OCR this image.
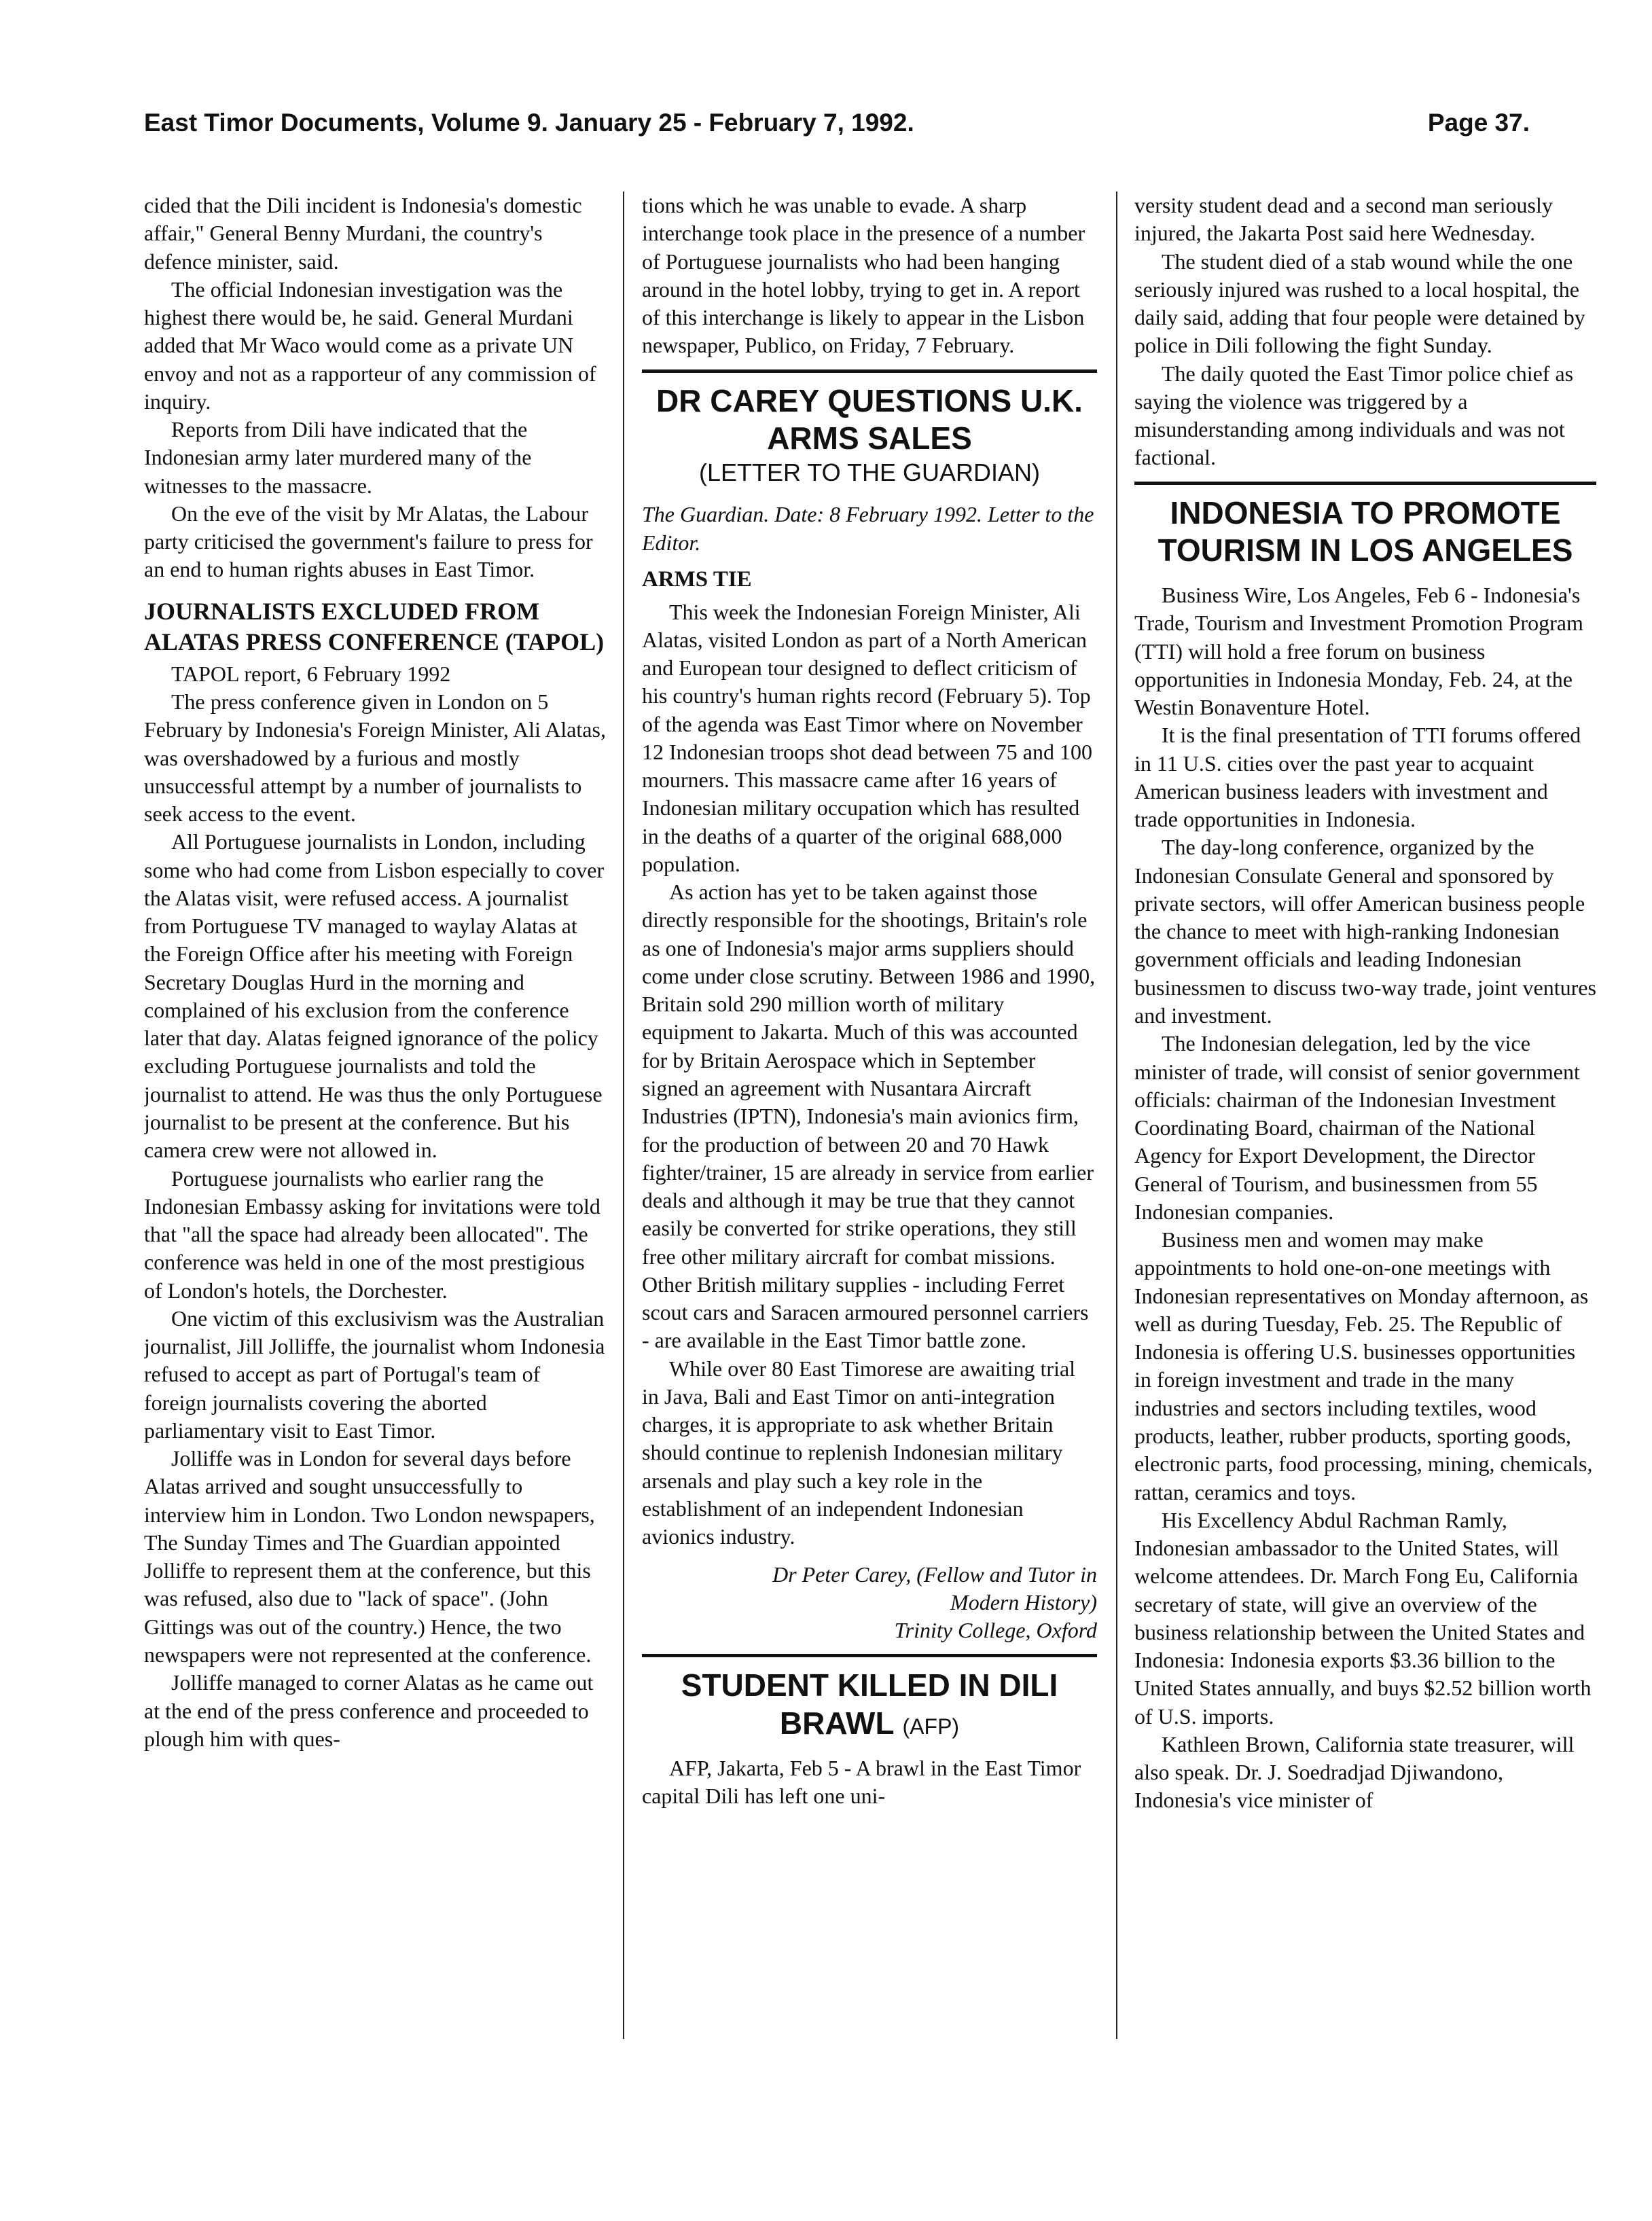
East Timor Documents, Volume 9. January 25 - February 7, 1992.	Page 37.

cided that the Dili incident is Indonesia's domestic affair," General Benny Murdani, the country's defence minister, said.

The official Indonesian investigation was the highest there would be, he said. General Murdani added that Mr Waco would come as a private UN envoy and not as a rapporteur of any commission of inquiry.

Reports from Dili have indicated that the Indonesian army later murdered many of the witnesses to the massacre.

On the eve of the visit by Mr Alatas, the Labour party criticised the government's failure to press for an end to human rights abuses in East Timor.

JOURNALISTS EXCLUDED FROM ALATAS PRESS CONFERENCE (TAPOL)

TAPOL report, 6 February 1992

The press conference given in London on 5 February by Indonesia's Foreign Minister, Ali Alatas, was overshadowed by a furious and mostly unsuccessful attempt by a number of journalists to seek access to the event.

All Portuguese journalists in London, including some who had come from Lisbon especially to cover the Alatas visit, were refused access. A journalist from Portuguese TV managed to waylay Alatas at the Foreign Office after his meeting with Foreign Secretary Douglas Hurd in the morning and complained of his exclusion from the conference later that day. Alatas feigned ignorance of the policy excluding Portuguese journalists and told the journalist to attend. He was thus the only Portuguese journalist to be present at the conference. But his camera crew were not allowed in.

Portuguese journalists who earlier rang the Indonesian Embassy asking for invitations were told that "all the space had already been allocated". The conference was held in one of the most prestigious of London's hotels, the Dorchester.

One victim of this exclusivism was the Australian journalist, Jill Jolliffe, the journalist whom Indonesia refused to accept as part of Portugal's team of foreign journalists covering the aborted parliamentary visit to East Timor.

Jolliffe was in London for several days before Alatas arrived and sought unsuccessfully to interview him in London. Two London newspapers, The Sunday Times and The Guardian appointed Jolliffe to represent them at the conference, but this was refused, also due to "lack of space". (John Gittings was out of the country.) Hence, the two newspapers were not represented at the conference.

Jolliffe managed to corner Alatas as he came out at the end of the press conference and proceeded to plough him with ques-

tions which he was unable to evade. A sharp interchange took place in the presence of a number of Portuguese journalists who had been hanging around in the hotel lobby, trying to get in. A report of this interchange is likely to appear in the Lisbon newspaper, Publico, on Friday, 7 February.

DR CAREY QUESTIONS U.K. ARMS SALES
(LETTER TO THE GUARDIAN)

The Guardian. Date: 8 February 1992. Letter to the Editor.

ARMS TIE

This week the Indonesian Foreign Minister, Ali Alatas, visited London as part of a North American and European tour designed to deflect criticism of his country's human rights record (February 5). Top of the agenda was East Timor where on November 12 Indonesian troops shot dead between 75 and 100 mourners. This massacre came after 16 years of Indonesian military occupation which has resulted in the deaths of a quarter of the original 688,000 population.

As action has yet to be taken against those directly responsible for the shootings, Britain's role as one of Indonesia's major arms suppliers should come under close scrutiny. Between 1986 and 1990, Britain sold 290 million worth of military equipment to Jakarta. Much of this was accounted for by Britain Aerospace which in September signed an agreement with Nusantara Aircraft Industries (IPTN), Indonesia's main avionics firm, for the production of between 20 and 70 Hawk fighter/trainer, 15 are already in service from earlier deals and although it may be true that they cannot easily be converted for strike operations, they still free other military aircraft for combat missions. Other British military supplies - including Ferret scout cars and Saracen armoured personnel carriers - are available in the East Timor battle zone.

While over 80 East Timorese are awaiting trial in Java, Bali and East Timor on anti-integration charges, it is appropriate to ask whether Britain should continue to replenish Indonesian military arsenals and play such a key role in the establishment of an independent Indonesian avionics industry.

Dr Peter Carey, (Fellow and Tutor in
Modern History)
Trinity College, Oxford
STUDENT KILLED IN DILI BRAWL (AFP)

AFP, Jakarta, Feb 5 - A brawl in the East Timor capital Dili has left one uni-

versity student dead and a second man seriously injured, the Jakarta Post said here Wednesday.

The student died of a stab wound while the one seriously injured was rushed to a local hospital, the daily said, adding that four people were detained by police in Dili following the fight Sunday.

The daily quoted the East Timor police chief as saying the violence was triggered by a misunderstanding among individuals and was not factional.

INDONESIA TO PROMOTE TOURISM IN LOS ANGELES

Business Wire, Los Angeles, Feb 6 - Indonesia's Trade, Tourism and Investment Promotion Program (TTI) will hold a free forum on business opportunities in Indonesia Monday, Feb. 24, at the Westin Bonaventure Hotel.

It is the final presentation of TTI forums offered in 11 U.S. cities over the past year to acquaint American business leaders with investment and trade opportunities in Indonesia.

The day-long conference, organized by the Indonesian Consulate General and sponsored by private sectors, will offer American business people the chance to meet with high-ranking Indonesian government officials and leading Indonesian businessmen to discuss two-way trade, joint ventures and investment.

The Indonesian delegation, led by the vice minister of trade, will consist of senior government officials: chairman of the Indonesian Investment Coordinating Board, chairman of the National Agency for Export Development, the Director General of Tourism, and businessmen from 55 Indonesian companies.

Business men and women may make appointments to hold one-on-one meetings with Indonesian representatives on Monday afternoon, as well as during Tuesday, Feb. 25. The Republic of Indonesia is offering U.S. businesses opportunities in foreign investment and trade in the many industries and sectors including textiles, wood products, leather, rubber products, sporting goods, electronic parts, food processing, mining, chemicals, rattan, ceramics and toys.

His Excellency Abdul Rachman Ramly, Indonesian ambassador to the United States, will welcome attendees. Dr. March Fong Eu, California secretary of state, will give an overview of the business relationship between the United States and Indonesia: Indonesia exports $3.36 billion to the United States annually, and buys $2.52 billion worth of U.S. imports.

Kathleen Brown, California state treasurer, will also speak. Dr. J. Soedradjad Djiwandono, Indonesia's vice minister of
